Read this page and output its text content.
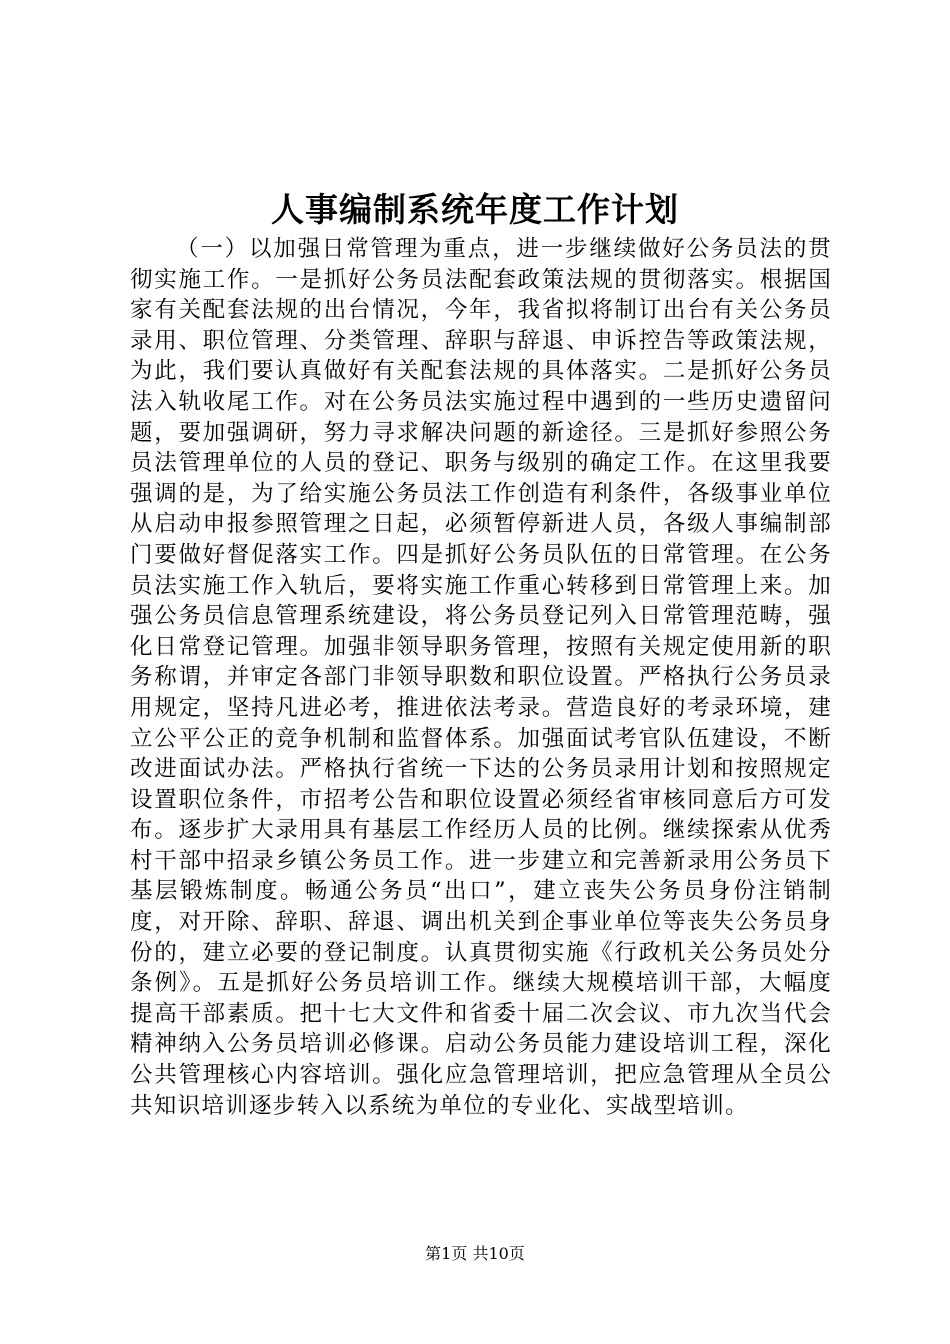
人事编制系统年度工作计划

（一）以加强日常管理为重点，进一步继续做好公务员法的贯彻实施工作。一是抓好公务员法配套政策法规的贯彻落实。根据国家有关配套法规的出台情况，今年，我省拟将制订出台有关公务员录用、职位管理、分类管理、辞职与辞退、申诉控告等政策法规，为此，我们要认真做好有关配套法规的具体落实。二是抓好公务员法入轨收尾工作。对在公务员法实施过程中遇到的一些历史遗留问题，要加强调研，努力寻求解决问题的新途径。三是抓好参照公务员法管理单位的人员的登记、职务与级别的确定工作。在这里我要强调的是，为了给实施公务员法工作创造有利条件，各级事业单位从启动申报参照管理之日起，必须暂停新进人员，各级人事编制部门要做好督促落实工作。四是抓好公务员队伍的日常管理。在公务员法实施工作入轨后，要将实施工作重心转移到日常管理上来。加强公务员信息管理系统建设，将公务员登记列入日常管理范畴，强化日常登记管理。加强非领导职务管理，按照有关规定使用新的职务称谓，并审定各部门非领导职数和职位设置。严格执行公务员录用规定，坚持凡进必考，推进依法考录。营造良好的考录环境，建立公平公正的竞争机制和监督体系。加强面试考官队伍建设，不断改进面试办法。严格执行省统一下达的公务员录用计划和按照规定设置职位条件，市招考公告和职位设置必须经省审核同意后方可发布。逐步扩大录用具有基层工作经历人员的比例。继续探索从优秀村干部中招录乡镇公务员工作。进一步建立和完善新录用公务员下基层锻炼制度。畅通公务员“出口”，建立丧失公务员身份注销制度，对开除、辞职、辞退、调出机关到企事业单位等丧失公务员身份的，建立必要的登记制度。认真贯彻实施《行政机关公务员处分条例》。五是抓好公务员培训工作。继续大规模培训干部，大幅度提高干部素质。把十七大文件和省委十届二次会议、市九次当代会精神纳入公务员培训必修课。启动公务员能力建设培训工程，深化公共管理核心内容培训。强化应急管理培训，把应急管理从全员公共知识培训逐步转入以系统为单位的专业化、实战型培训。

第1页 共10页
